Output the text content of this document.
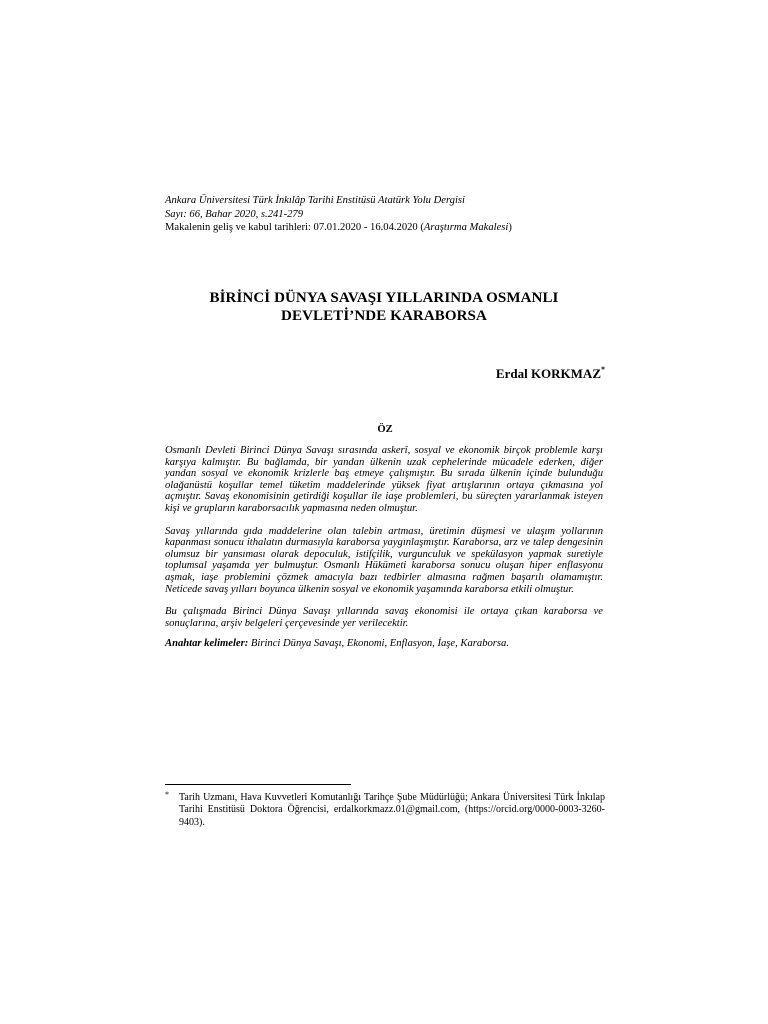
Ankara Üniversitesi Türk İnkılâp Tarihi Enstitüsü Atatürk Yolu Dergisi
Sayı: 66, Bahar 2020, s.241-279
Makalenin geliş ve kabul tarihleri: 07.01.2020 - 16.04.2020 (Araştırma Makalesi)
BİRİNCİ DÜNYA SAVAŞI YILLARINDA OSMANLI
DEVLETİ’NDE KARABORSA
Erdal KORKMAZ*
ÖZ

Osmanlı Devleti Birinci Dünya Savaşı sırasında askerî, sosyal ve ekonomik birçok problemle karşı karşıya kalmıştır. Bu bağlamda, bir yandan ülkenin uzak cephelerinde mücadele ederken, diğer yandan sosyal ve ekonomik krizlerle baş etmeye çalışmıştır. Bu sırada ülkenin içinde bulunduğu olağanüstü koşullar temel tüketim maddelerinde yüksek fiyat artışlarının ortaya çıkmasına yol açmıştır. Savaş ekonomisinin getirdiği koşullar ile iaşe problemleri, bu süreçten yararlanmak isteyen kişi ve grupların karaborsacılık yapmasına neden olmuştur.

Savaş yıllarında gıda maddelerine olan talebin artması, üretimin düşmesi ve ulaşım yollarının kapanması sonucu ithalatın durmasıyla karaborsa yaygınlaşmıştır. Karaborsa, arz ve talep dengesinin olumsuz bir yansıması olarak depoculuk, istifçilik, vurgunculuk ve spekülasyon yapmak suretiyle toplumsal yaşamda yer bulmuştur. Osmanlı Hükümeti karaborsa sonucu oluşan hiper enflasyonu aşmak, iaşe problemini çözmek amacıyla bazı tedbirler almasına rağmen başarılı olamamıştır. Neticede savaş yılları boyunca ülkenin sosyal ve ekonomik yaşamında karaborsa etkili olmuştur.

Bu çalışmada Birinci Dünya Savaşı yıllarında savaş ekonomisi ile ortaya çıkan karaborsa ve sonuçlarına, arşiv belgeleri çerçevesinde yer verilecektir.

Anahtar kelimeler: Birinci Dünya Savaşı, Ekonomi, Enflasyon, İaşe, Karaborsa.

* Tarih Uzmanı, Hava Kuvvetleri Komutanlığı Tarihçe Şube Müdürlüğü; Ankara Üniversitesi Türk İnkılap Tarihi Enstitüsü Doktora Öğrencisi, erdalkorkmazz.01@gmail.com, (https://orcid.org/0000-0003-3260-9403).
